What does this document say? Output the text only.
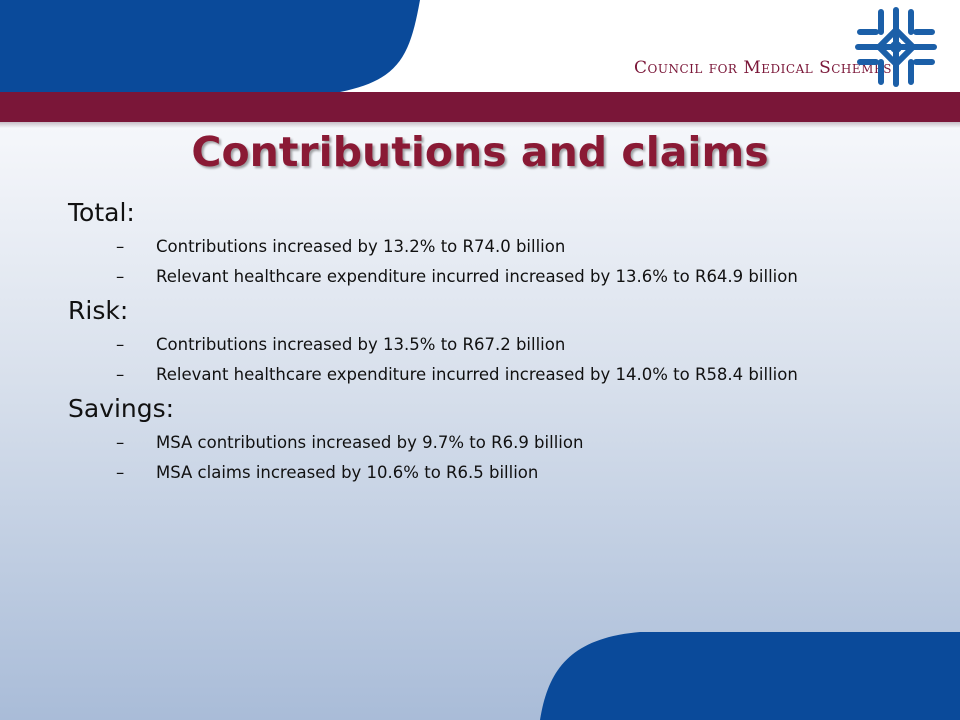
Council for Medical Schemes
Contributions and claims
Total:
–	Contributions increased by 13.2% to R74.0 billion
–	Relevant healthcare expenditure incurred increased by 13.6% to R64.9 billion
Risk:
–	Contributions increased by 13.5% to R67.2 billion
–	Relevant healthcare expenditure incurred increased by 14.0% to R58.4 billion
Savings:
–	MSA contributions increased by 9.7% to R6.9 billion
–	MSA claims increased by 10.6% to R6.5 billion
